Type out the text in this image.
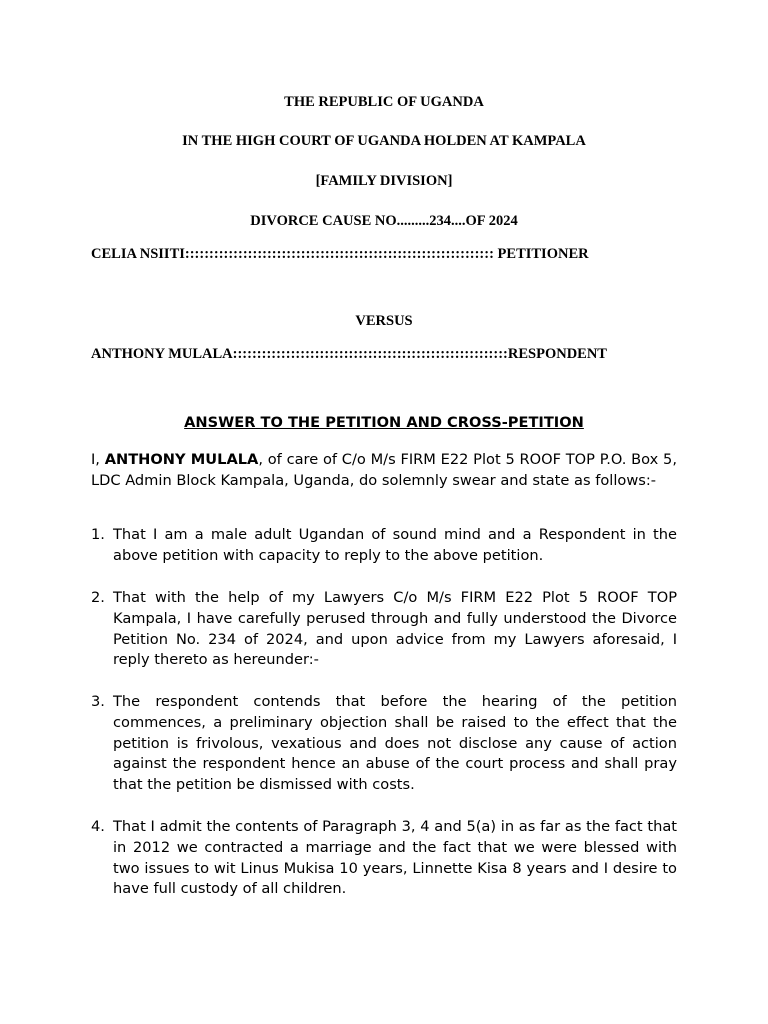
THE REPUBLIC OF UGANDA
IN THE HIGH COURT OF UGANDA HOLDEN AT KAMPALA
[FAMILY DIVISION]
DIVORCE CAUSE NO.........234....OF 2024
CELIA NSIITI:::::::::::::::::::::::::::::::::::::::::::::::::::::::::::::::: PETITIONER
VERSUS
ANTHONY MULALA:::::::::::::::::::::::::::::::::::::::::::::::::::::::::RESPONDENT
ANSWER TO THE PETITION AND CROSS-PETITION
I, ANTHONY MULALA, of care of C/o M/s FIRM E22 Plot 5 ROOF TOP P.O. Box 5, LDC Admin Block Kampala, Uganda, do solemnly swear and state as follows:-
1. That I am a male adult Ugandan of sound mind and a Respondent in the above petition with capacity to reply to the above petition.
2. That with the help of my Lawyers C/o M/s FIRM E22 Plot 5 ROOF TOP Kampala, I have carefully perused through and fully understood the Divorce Petition No. 234 of 2024, and upon advice from my Lawyers aforesaid, I reply thereto as hereunder:-
3. The respondent contends that before the hearing of the petition commences, a preliminary objection shall be raised to the effect that the petition is frivolous, vexatious and does not disclose any cause of action against the respondent hence an abuse of the court process and shall pray that the petition be dismissed with costs.
4. That I admit the contents of Paragraph 3, 4 and 5(a) in as far as the fact that in 2012 we contracted a marriage and the fact that we were blessed with two issues to wit Linus Mukisa 10 years, Linnette Kisa 8 years and I desire to have full custody of all children.
